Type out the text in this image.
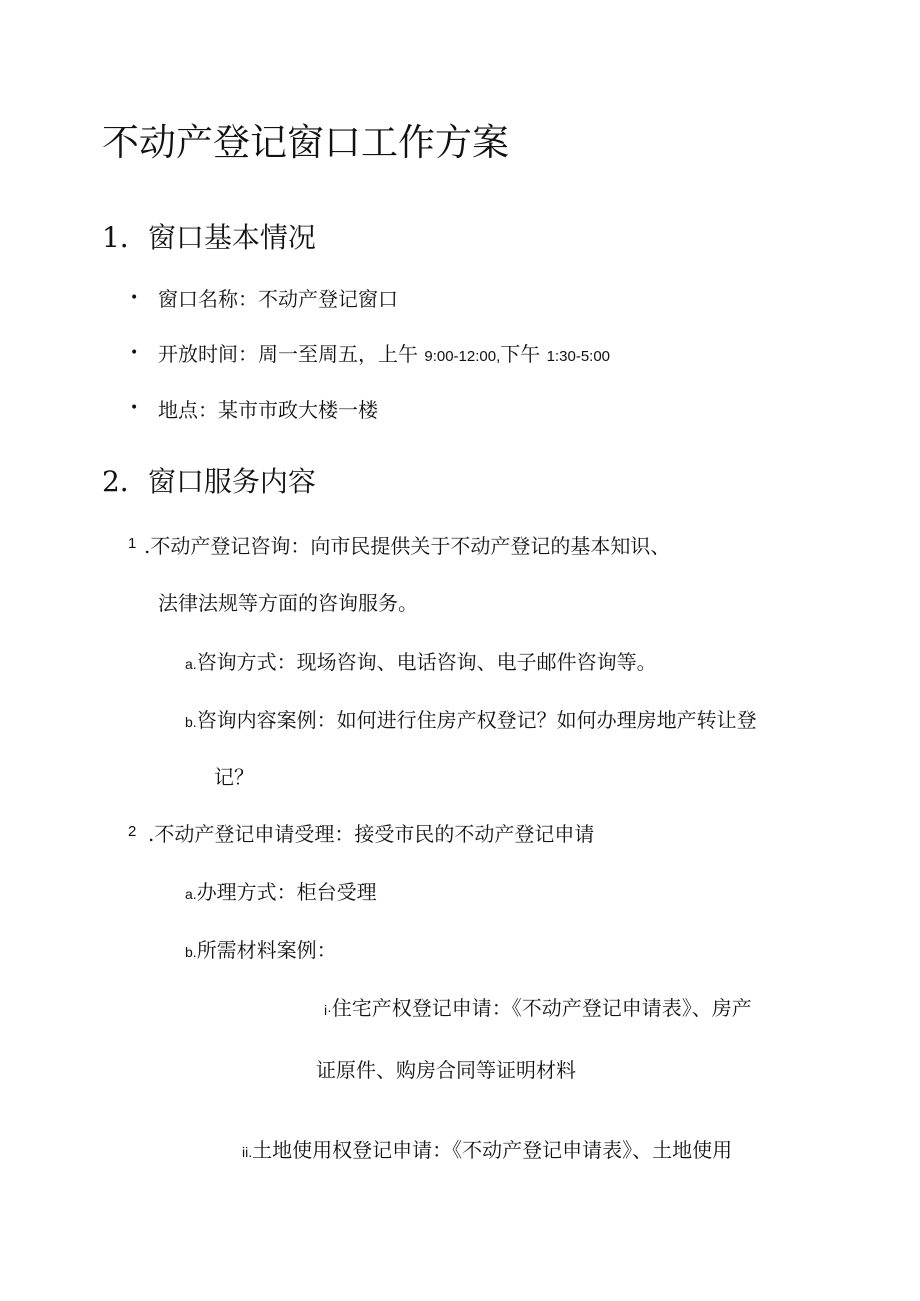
不动产登记窗口工作方案
1．窗口基本情况
• 窗口名称：不动产登记窗口
• 开放时间：周一至周五，上午 9:00-12:00,下午 1:30-5:00
• 地点：某市市政大楼一楼
2．窗口服务内容
1 .不动产登记咨询：向市民提供关于不动产登记的基本知识、
法律法规等方面的咨询服务。
a.咨询方式：现场咨询、电话咨询、电子邮件咨询等。
b.咨询内容案例：如何进行住房产权登记？如何办理房地产转让登
记？
2 .不动产登记申请受理：接受市民的不动产登记申请
a.办理方式：柜台受理
b.所需材料案例：
i·住宅产权登记申请：《不动产登记申请表》、房产
证原件、购房合同等证明材料
ii.土地使用权登记申请：《不动产登记申请表》、土地使用
